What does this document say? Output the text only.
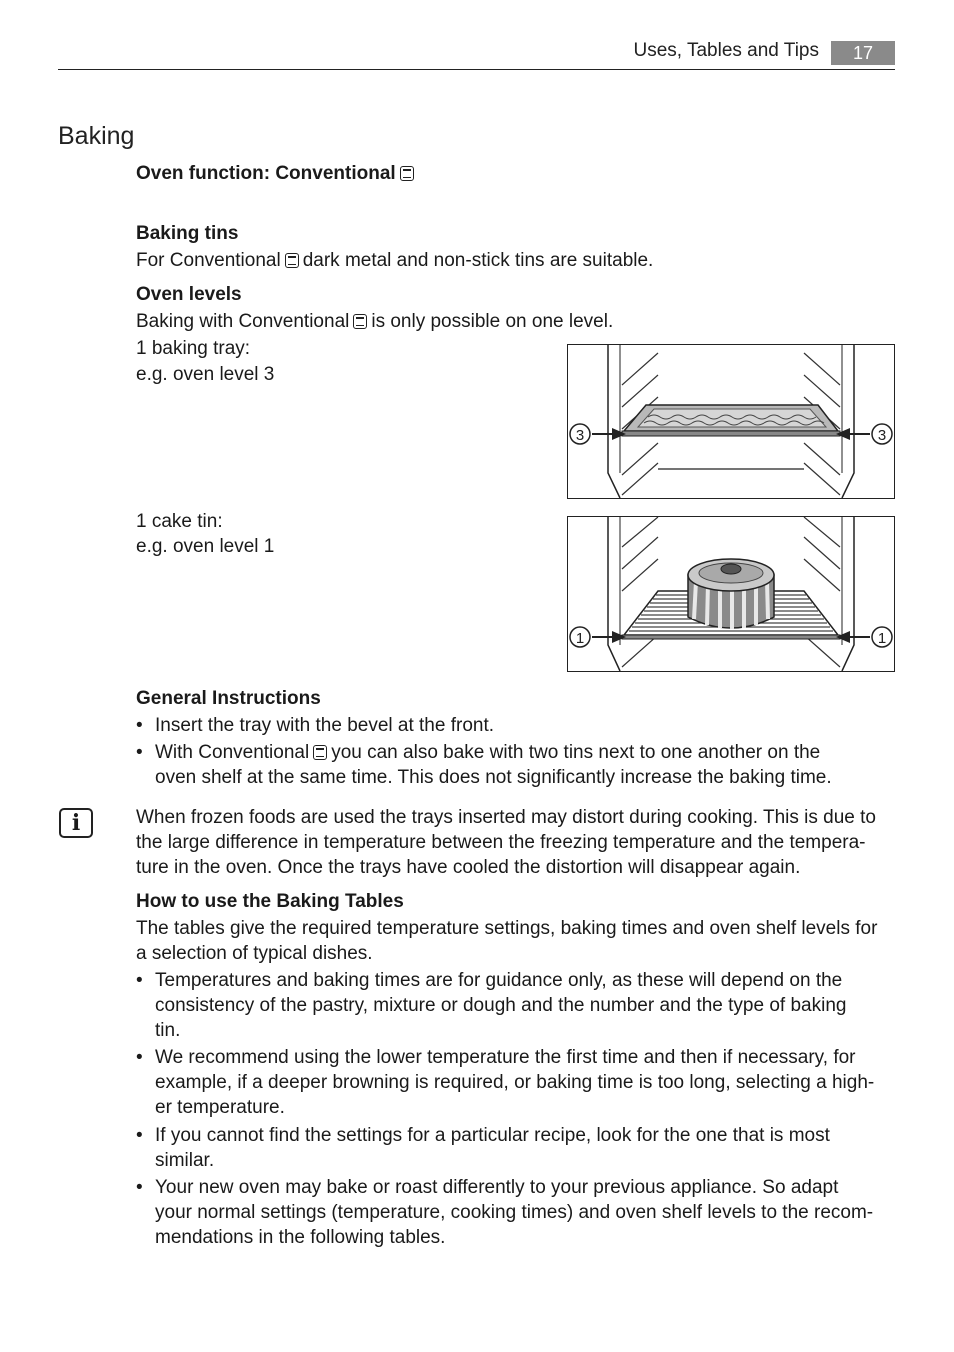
Uses, Tables and Tips	17
Baking
Oven function: Conventional
Baking tins
For Conventional dark metal and non-stick tins are suitable.
Oven levels
Baking with Conventional is only possible on one level.
1 baking tray:
e.g. oven level 3
1 cake tin:
e.g. oven level 1
3	3
1	1
General Instructions
• Insert the tray with the bevel at the front.
• With Conventional you can also bake with two tins next to one another on the
oven shelf at the same time. This does not significantly increase the baking time.
i	When frozen foods are used the trays inserted may distort during cooking. This is due to
the large difference in temperature between the freezing temperature and the tempera-
ture in the oven. Once the trays have cooled the distortion will disappear again.
How to use the Baking Tables
The tables give the required temperature settings, baking times and oven shelf levels for
a selection of typical dishes.
• Temperatures and baking times are for guidance only, as these will depend on the
consistency of the pastry, mixture or dough and the number and the type of baking
tin.
• We recommend using the lower temperature the first time and then if necessary, for
example, if a deeper browning is required, or baking time is too long, selecting a high-
er temperature.
• If you cannot find the settings for a particular recipe, look for the one that is most
similar.
• Your new oven may bake or roast differently to your previous appliance. So adapt
your normal settings (temperature, cooking times) and oven shelf levels to the recom-
mendations in the following tables.
